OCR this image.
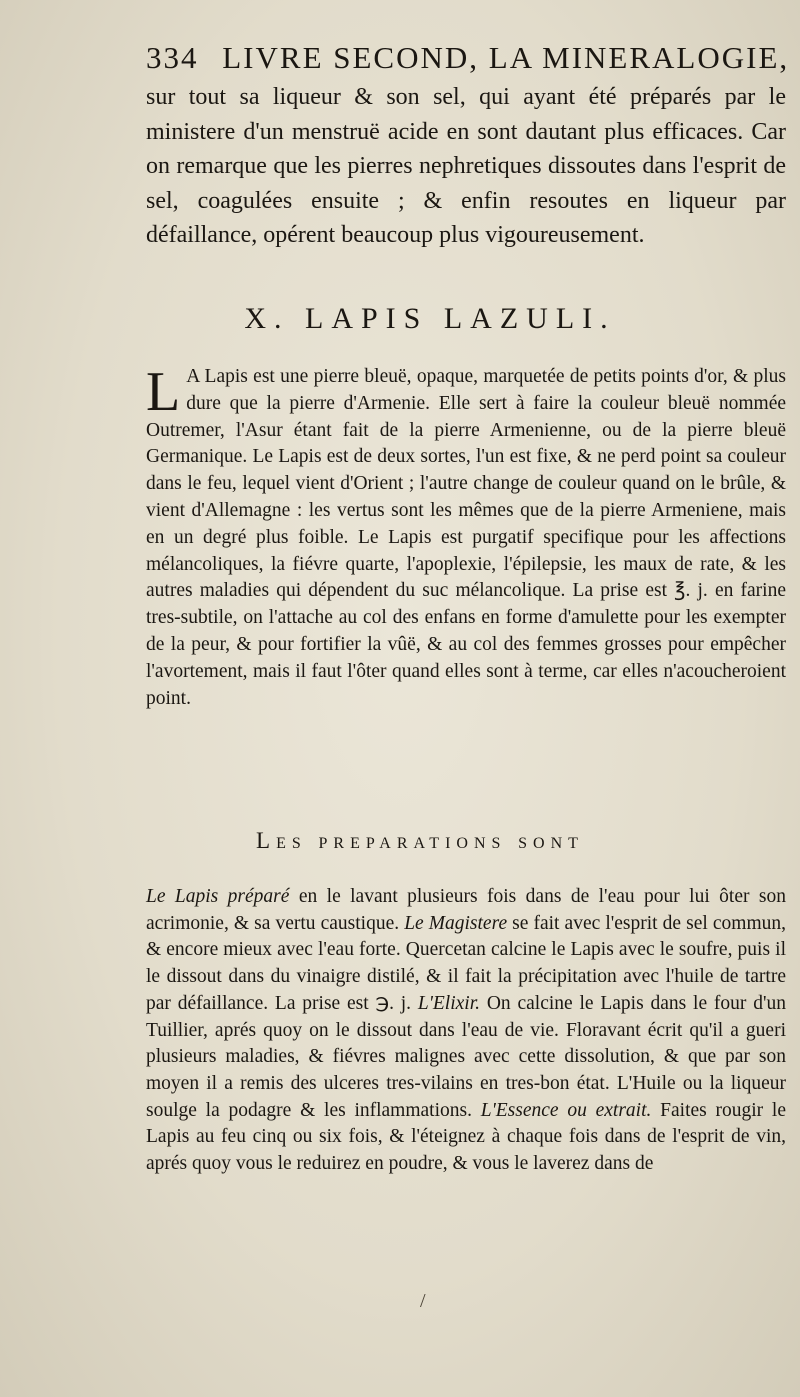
334 LIVRE SECOND, LA MINERALOGIE,

sur tout sa liqueur & son sel, qui ayant été préparés par le ministere d'un menstruë acide en sont dautant plus efficaces. Car on remarque que les pierres nephretiques dissoutes dans l'esprit de sel, coagulées ensuite ; & enfin resoutes en liqueur par défaillance, opérent beaucoup plus vigoureusement.

X. LAPIS LAZULI.
L A Lapis est une pierre bleuë, opaque, marquetée de petits points d'or, & plus dure que la pierre d'Armenie. Elle sert à faire la couleur bleuë nommée Outremer, l'Asur étant fait de la pierre Armenienne, ou de la pierre bleuë Germanique. Le Lapis est de deux sortes, l'un est fixe, & ne perd point sa couleur dans le feu, lequel vient d'Orient ; l'autre change de couleur quand on le brûle, & vient d'Allemagne : les vertus sont les mêmes que de la pierre Armeniene, mais en un degré plus foible. Le Lapis est purgatif specifique pour les affections mélancoliques, la fiévre quarte, l'apoplexie, l'épilepsie, les maux de rate, & les autres maladies qui dépendent du suc mélancolique. La prise est ℥. j. en farine tres-subtile, on l'attache au col des enfans en forme d'amulette pour les exempter de la peur, & pour fortifier la vûë, & au col des femmes grosses pour empêcher l'avortement, mais il faut l'ôter quand elles sont à terme, car elles n'acoucheroient point.

Les preparations sont

Le Lapis préparé en le lavant plusieurs fois dans de l'eau pour lui ôter son acrimonie, & sa vertu caustique. Le Magistere se fait avec l'esprit de sel commun, & encore mieux avec l'eau forte. Quercetan calcine le Lapis avec le soufre, puis il le dissout dans du vinaigre distilé, & il fait la précipitation avec l'huile de tartre par défaillance. La prise est ℈. j. L'Elixir. On calcine le Lapis dans le four d'un Tuillier, aprés quoy on le dissout dans l'eau de vie. Floravant écrit qu'il a gueri plusieurs maladies, & fiévres malignes avec cette dissolution, & que par son moyen il a remis des ulceres tres-vilains en tres-bon état. L'Huile ou la liqueur soulge la podagre & les inflammations. L'Essence ou extrait. Faites rougir le Lapis au feu cinq ou six fois, & l'éteignez à chaque fois dans de l'esprit de vin, aprés quoy vous le reduirez en poudre, & vous le laverez dans de

/
